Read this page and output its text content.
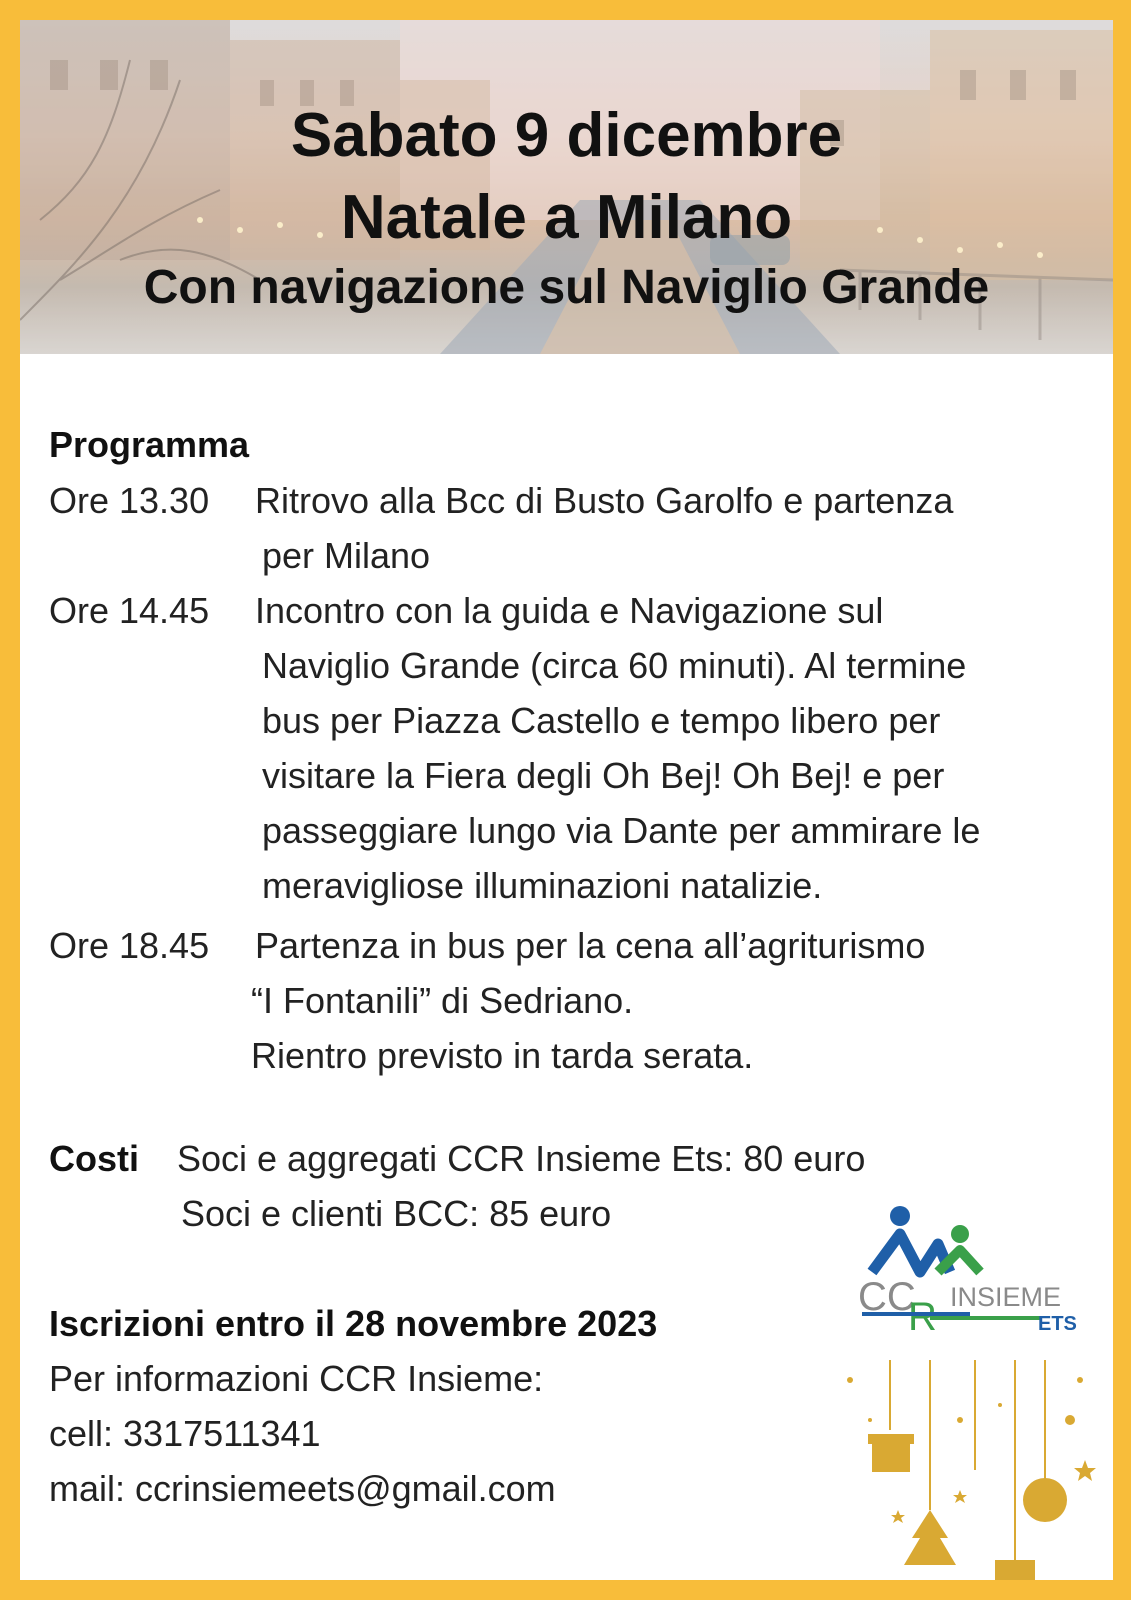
Sabato 9 dicembre
Natale a Milano
Con navigazione sul Naviglio Grande
Programma
Ore 13.30 Ritrovo alla Bcc di Busto Garolfo e partenza
per Milano
Ore 14.45 Incontro con la guida e Navigazione sul
Naviglio Grande (circa 60 minuti). Al termine
bus per Piazza Castello e tempo libero per
visitare la Fiera degli Oh Bej! Oh Bej! e per
passeggiare lungo via Dante per ammirare le
meravigliose illuminazioni natalizie.
Ore 18.45 Partenza in bus per la cena all’agriturismo
“I Fontanili” di Sedriano.
Rientro previsto in tarda serata.
Costi Soci e aggregati CCR Insieme Ets: 80 euro
Soci e clienti BCC: 85 euro
Iscrizioni entro il 28 novembre 2023
Per informazioni CCR Insieme:
cell: 3317511341
mail: ccrinsiemeets@gmail.com
CC
R INSIEME
ETS
